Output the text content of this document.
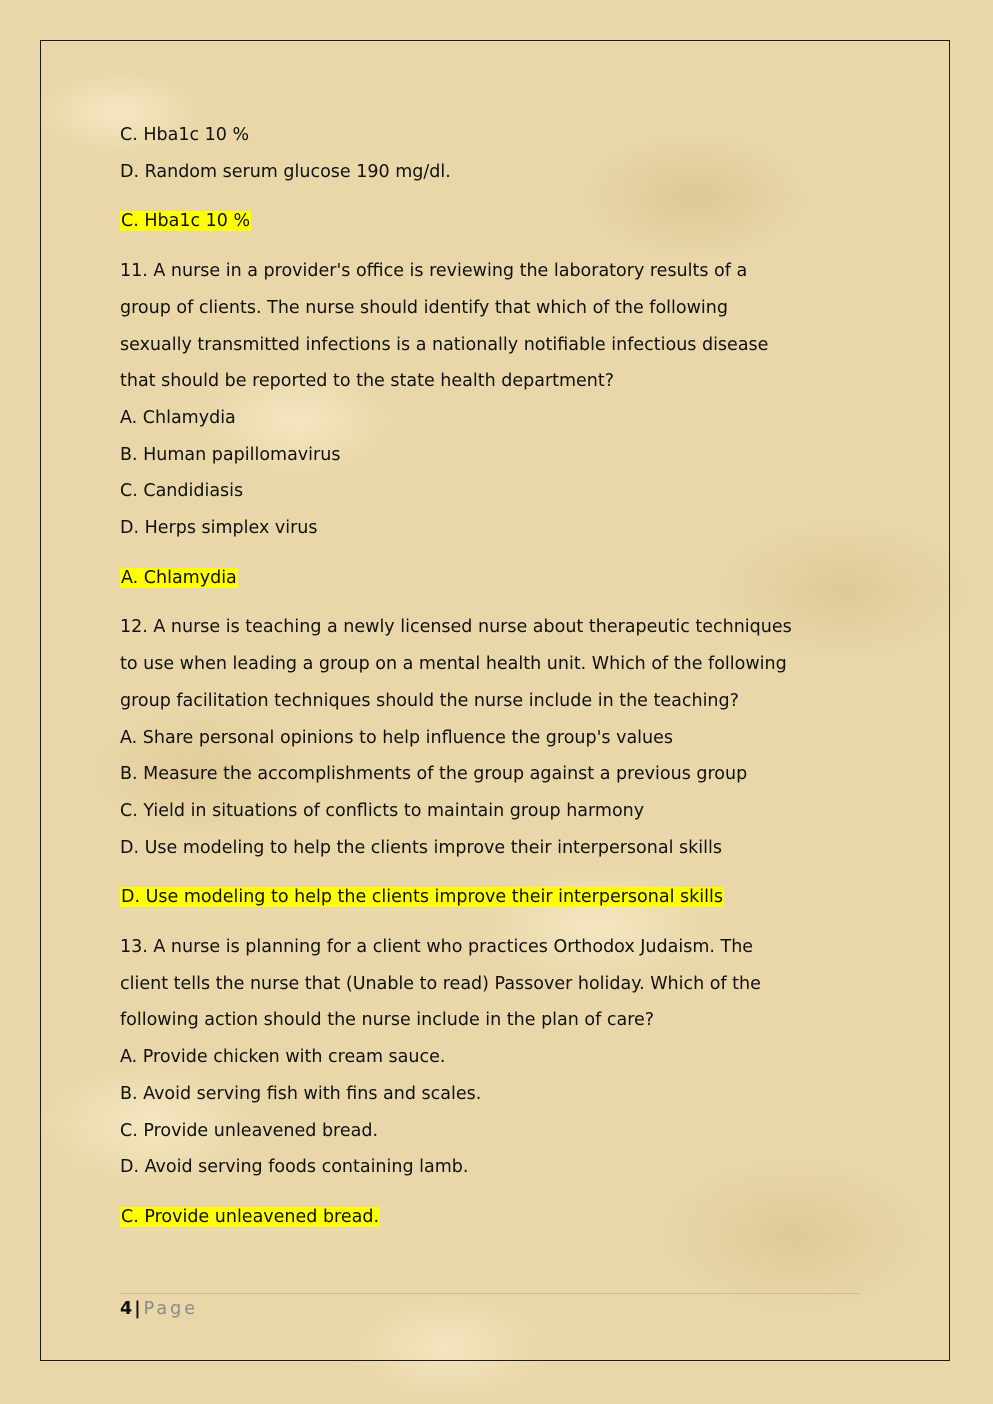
C. Hba1c 10 %
D. Random serum glucose 190 mg/dl.
C. Hba1c 10 %
11. A nurse in a provider's office is reviewing the laboratory results of a
group of clients. The nurse should identify that which of the following
sexually transmitted infections is a nationally notifiable infectious disease
that should be reported to the state health department?
A. Chlamydia
B. Human papillomavirus
C. Candidiasis
D. Herps simplex virus
A. Chlamydia
12. A nurse is teaching a newly licensed nurse about therapeutic techniques
to use when leading a group on a mental health unit. Which of the following
group facilitation techniques should the nurse include in the teaching?
A. Share personal opinions to help influence the group's values
B. Measure the accomplishments of the group against a previous group
C. Yield in situations of conflicts to maintain group harmony
D. Use modeling to help the clients improve their interpersonal skills
D. Use modeling to help the clients improve their interpersonal skills
13. A nurse is planning for a client who practices Orthodox Judaism. The
client tells the nurse that (Unable to read) Passover holiday. Which of the
following action should the nurse include in the plan of care?
A. Provide chicken with cream sauce.
B. Avoid serving fish with fins and scales.
C. Provide unleavened bread.
D. Avoid serving foods containing lamb.
C. Provide unleavened bread.
4 | Page
